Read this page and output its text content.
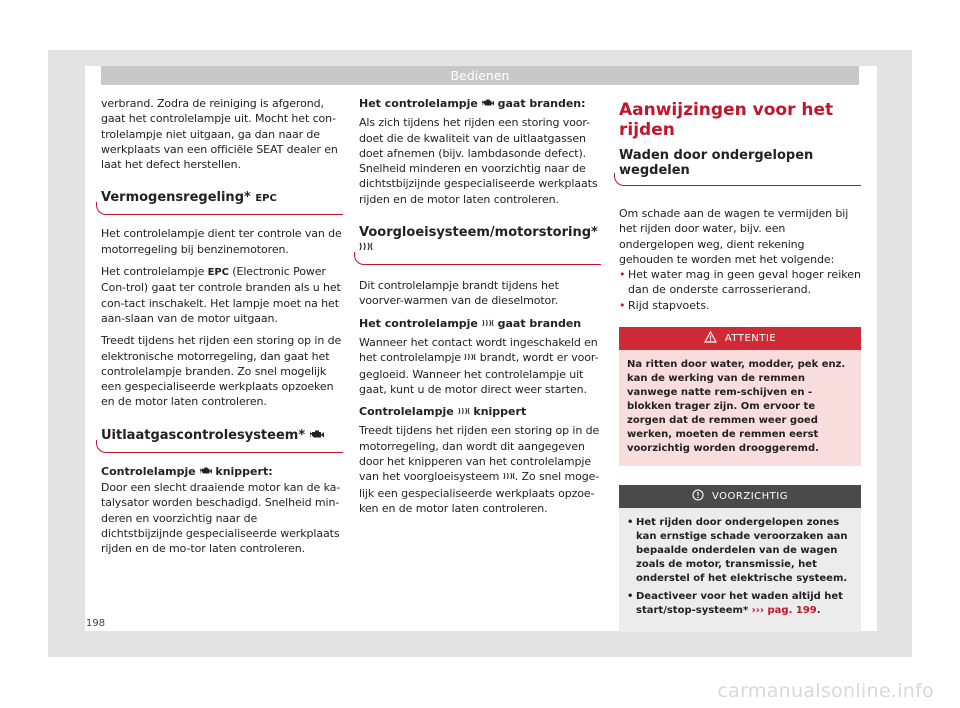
Bedienen

verbrand. Zodra de reiniging is afgerond, gaat het controlelampje uit. Mocht het con-trolelampje niet uitgaan, ga dan naar de werkplaats van een officiële SEAT dealer en laat het defect herstellen.

Vermogensregeling* EPC

Het controlelampje dient ter controle van de motorregeling bij benzinemotoren.

Het controlelampje EPC (Electronic Power Con-trol) gaat ter controle branden als u het con-tact inschakelt. Het lampje moet na het aan-slaan van de motor uitgaan.

Treedt tijdens het rijden een storing op in de elektronische motorregeling, dan gaat het controlelampje branden. Zo snel mogelijk een gespecialiseerde werkplaats opzoeken en de motor laten controleren.

Uitlaatgascontrolesysteem*
Controlelampje knippert:

Door een slecht draaiende motor kan de ka-talysator worden beschadigd. Snelheid min-deren en voorzichtig naar de dichtstbijzijnde gespecialiseerde werkplaats rijden en de mo-tor laten controleren.

Het controlelampje gaat branden:

Als zich tijdens het rijden een storing voor-doet die de kwaliteit van de uitlaatgassen doet afnemen (bijv. lambdasonde defect). Snelheid minderen en voorzichtig naar de dichtstbijzijnde gespecialiseerde werkplaats rijden en de motor laten controleren.

Voorgloeisysteem/motorstoring*

Dit controlelampje brandt tijdens het voorver-warmen van de dieselmotor.

Het controlelampje gaat branden

Wanneer het contact wordt ingeschakeld en het controlelampje brandt, wordt er voor-gegloeid. Wanneer het controlelampje uit gaat, kunt u de motor direct weer starten.

Controlelampje knippert

Treedt tijdens het rijden een storing op in de motorregeling, dan wordt dit aangegeven door het knipperen van het controlelampje van het voorgloeisysteem . Zo snel moge-lijk een gespecialiseerde werkplaats opzoe-ken en de motor laten controleren.

Aanwijzingen voor het rijden
Waden door ondergelopen wegdelen

Om schade aan de wagen te vermijden bij het rijden door water, bijv. een ondergelopen weg, dient rekening gehouden te worden met het volgende:

• Het water mag in geen geval hoger reiken dan de onderste carrosserierand.
• Rijd stapvoets.
ATTENTIE
Na ritten door water, modder, pek enz. kan de werking van de remmen vanwege natte rem-schijven en -blokken trager zijn. Om ervoor te zorgen dat de remmen weer goed werken, moeten de remmen eerst voorzichtig worden drooggeremd.
VOORZICHTIG
• Het rijden door ondergelopen zones kan ernstige schade veroorzaken aan bepaalde onderdelen van de wagen zoals de motor, transmissie, het onderstel of het elektrische systeem.
• Deactiveer voor het waden altijd het start/stop-systeem* ››› pag. 199.
198
carmanualsonline.info
